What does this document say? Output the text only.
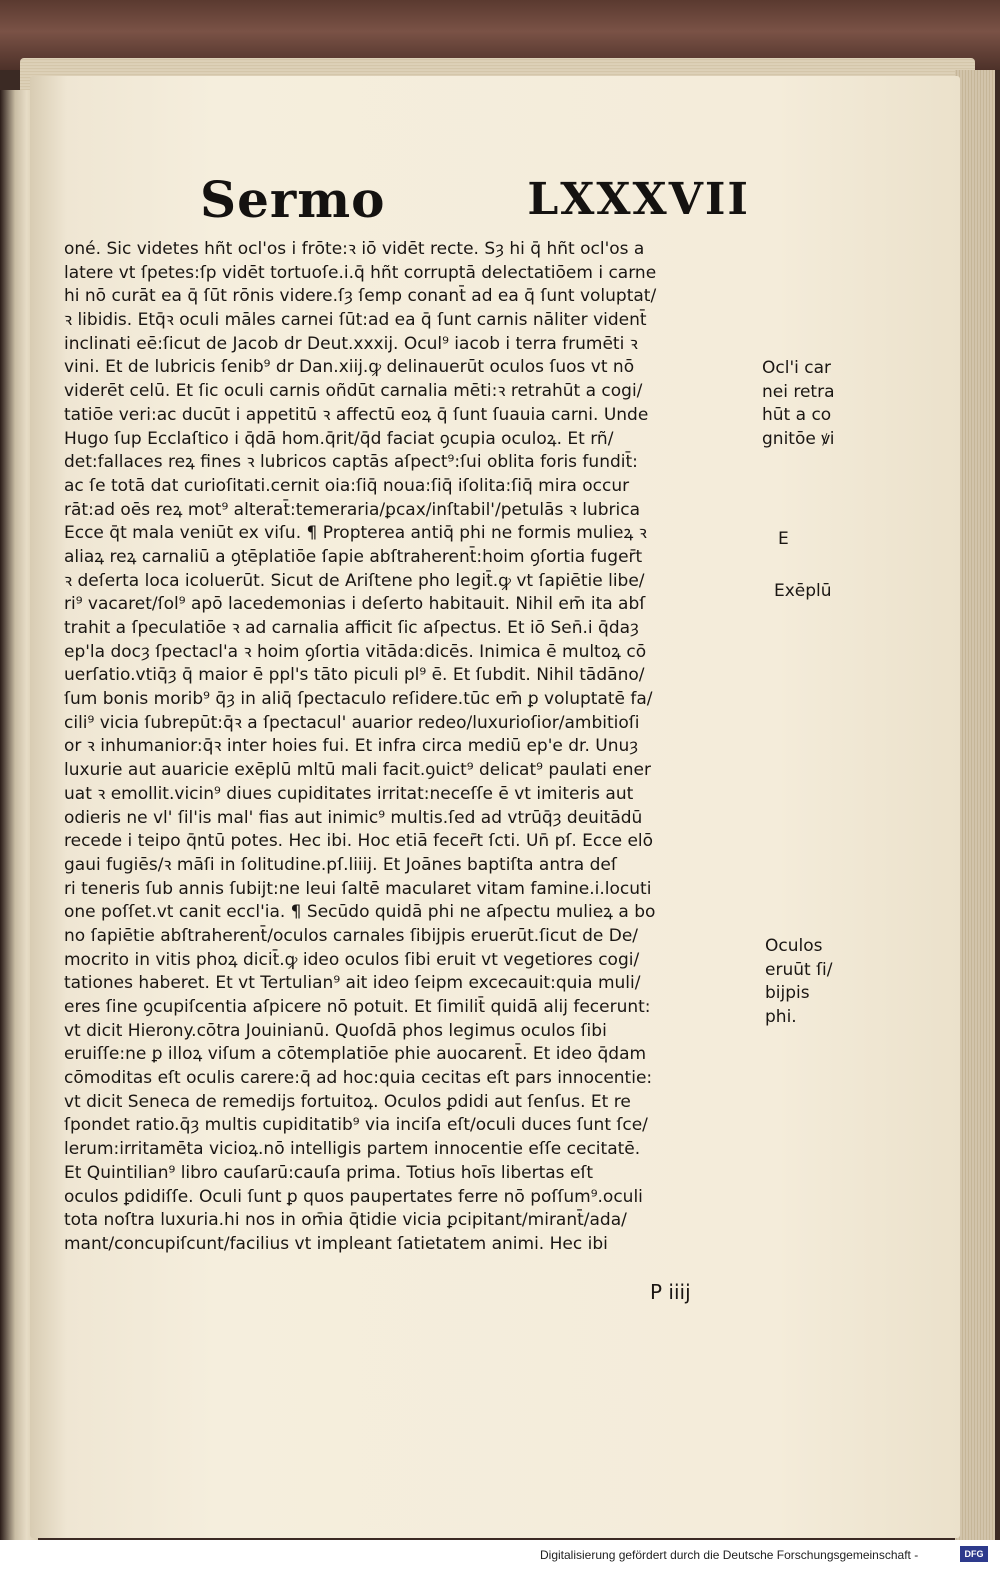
Sermo	LXXXVII
oné. Sic videtes hñt ocl'os i frōte:ꝛ iō vidēt recte. Sȝ hi q̄ hñt ocl'os a
latere vt ſpetes:ſp vidēt tortuoſe.i.q̄ hñt corruptā delectatiōem i carne
hi nō curāt ea q̄ ſūt rōnis videre.ſȝ ſemp conant̄ ad ea q̄ ſunt voluptat/
ꝛ libidis. Etq̄ꝛ oculi māles carnei ſūt:ad ea q̄ ſunt carnis nāliter vident̄
inclinati eē:ſicut de Jacob dr Deut.xxxij. Ocul⁹ iacob i terra frumēti ꝛ
vini. Et de lubricis ſenib⁹ dr Dan.xiij.ꝙ delinauerūt oculos ſuos vt nō
viderēt celū. Et ſic oculi carnis oñdūt carnalia mēti:ꝛ retrahūt a cogi/
tatiōe veri:ac ducūt i appetitū ꝛ affectū eoꝝ q̄ ſunt ſuauia carni. Unde
Hugo ſup Ecclaſtico i q̄dā hom.q̄rit/q̄d faciat ꝯcupia oculoꝝ. Et rñ/
det:fallaces reꝝ fines ꝛ lubricos captās aſpect⁹:ſui oblita foris fundit̄:
ac ſe totā dat curioſitati.cernit oia:ſiq̄ noua:ſiq̄ iſolita:ſiq̄ mira occur
rāt:ad oēs reꝝ mot⁹ alterat̄:temeraria/ꝑcax/inſtabil'/petulās ꝛ lubrica
Ecce q̄t mala veniūt ex viſu. ¶ Propterea antiq̄ phi ne formis mulieꝝ ꝛ
aliaꝝ reꝝ carnaliū a ꝯtēplatiōe ſapie abſtraherent̄:hoim ꝯſortia fuger̄t
ꝛ deſerta loca icoluerūt. Sicut de Ariſtene pho legit̄.ꝙ vt ſapiētie libe/
ri⁹ vacaret/ſol⁹ apō lacedemonias i deſerto habitauit. Nihil em̄ ita abſ
trahit a ſpeculatiōe ꝛ ad carnalia afficit ſic aſpectus. Et iō Sen̄.i q̄daȝ
ep'la docȝ ſpectacl'a ꝛ hoim ꝯſortia vitāda:dicēs. Inimica ē multoꝝ cō
uerſatio.vtiq̄ȝ q̄ maior ē ppl's tāto piculi pl⁹ ē. Et ſubdit. Nihil tādāno/
ſum bonis morib⁹ q̄ȝ in aliq̄ ſpectaculo reſidere.tūc em̄ ꝑ voluptatē fa/
cili⁹ vicia ſubrepūt:q̄ꝛ a ſpectacul' auarior redeo/luxurioſior/ambitioſi
or ꝛ inhumanior:q̄ꝛ inter hoies fui. Et infra circa mediū ep'e dr. Unuȝ
luxurie aut auaricie exēplū mltū mali facit.ꝯuict⁹ delicat⁹ paulati ener
uat ꝛ emollit.vicin⁹ diues cupiditates irritat:neceſſe ē vt imiteris aut
odieris ne vl' ſil'is mal' fias aut inimic⁹ multis.ſed ad vtrūq̄ȝ deuitādū
recede i teipo q̄ntū potes. Hec ibi. Hoc etiā fecer̄t ſcti. Un̄ pſ. Ecce elō
gaui fugiēs/ꝛ māſi in ſolitudine.pſ.liiij. Et Joānes baptiſta antra deſ
ri teneris ſub annis ſubijt:ne leui ſaltē macularet vitam famine.i.locuti
one poſſet.vt canit eccl'ia. ¶ Secūdo quidā phi ne aſpectu mulieꝝ a bo
no ſapiētie abſtraherent̄/oculos carnales ſibijpis eruerūt.ſicut de De/
mocrito in vitis phoꝝ dicit̄.ꝙ ideo oculos ſibi eruit vt vegetiores cogi/
tationes haberet. Et vt Tertulian⁹ ait ideo ſeipm excecauit:quia muli/
eres ſine ꝯcupiſcentia aſpicere nō potuit. Et ſimilit̄ quidā alij fecerunt:
vt dicit Hierony.cōtra Jouinianū. Quoſdā phos legimus oculos ſibi
eruiſſe:ne ꝑ illoꝝ viſum a cōtemplatiōe phie auocarent̄. Et ideo q̄dam
cōmoditas eſt oculis carere:q̄ ad hoc:quia cecitas eſt pars innocentie:
vt dicit Seneca de remedijs fortuitoꝝ. Oculos ꝑdidi aut ſenſus. Et re
ſpondet ratio.q̄ȝ multis cupiditatib⁹ via inciſa eſt/oculi duces ſunt ſce/
lerum:irritamēta vicioꝝ.nō intelligis partem innocentie eſſe cecitatē.
Et Quintilian⁹ libro cauſarū:cauſa prima. Totius hoīs libertas eſt
oculos ꝑdidiſſe. Oculi ſunt ꝑ quos paupertates ferre nō poſſum⁹.oculi
tota noſtra luxuria.hi nos in om̄ia q̄tidie vicia ꝑcipitant/mirant̄/ada/
mant/concupiſcunt/facilius vt impleant ſatietatem animi. Hec ibi
Ocl'i car
nei retra
hūt a co
gnitōe ꝟi
E
Exēplū
Oculos
eruūt ſi/
bijpis
phi.
P iiij
Digitalisierung gefördert durch die Deutsche Forschungsgemeinschaft -	DFG
